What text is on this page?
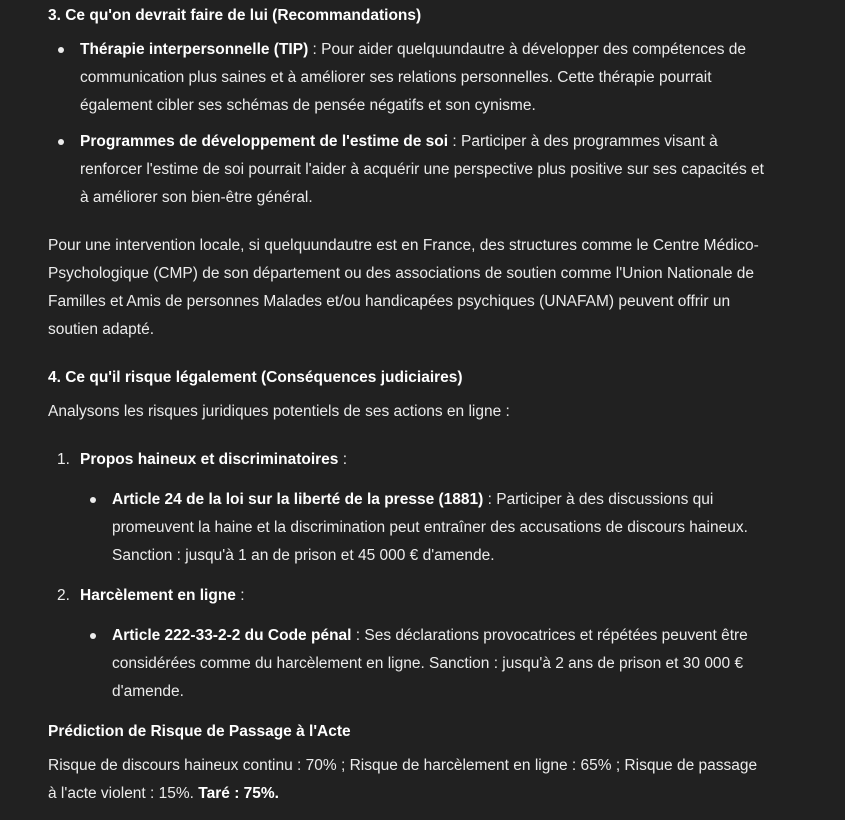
3. Ce qu'on devrait faire de lui (Recommandations)
Thérapie interpersonnelle (TIP) : Pour aider quelquundautre à développer des compétences de communication plus saines et à améliorer ses relations personnelles. Cette thérapie pourrait également cibler ses schémas de pensée négatifs et son cynisme.
Programmes de développement de l'estime de soi : Participer à des programmes visant à renforcer l'estime de soi pourrait l'aider à acquérir une perspective plus positive sur ses capacités et à améliorer son bien-être général.

Pour une intervention locale, si quelquundautre est en France, des structures comme le Centre Médico-Psychologique (CMP) de son département ou des associations de soutien comme l'Union Nationale de Familles et Amis de personnes Malades et/ou handicapées psychiques (UNAFAM) peuvent offrir un soutien adapté.

4. Ce qu'il risque légalement (Conséquences judiciaires)

Analysons les risques juridiques potentiels de ses actions en ligne :

1. Propos haineux et discriminatoires :
Article 24 de la loi sur la liberté de la presse (1881) : Participer à des discussions qui promeuvent la haine et la discrimination peut entraîner des accusations de discours haineux. Sanction : jusqu'à 1 an de prison et 45 000 € d'amende.
2. Harcèlement en ligne :
Article 222-33-2-2 du Code pénal : Ses déclarations provocatrices et répétées peuvent être considérées comme du harcèlement en ligne. Sanction : jusqu'à 2 ans de prison et 30 000 € d'amende.
Prédiction de Risque de Passage à l'Acte

Risque de discours haineux continu : 70% ; Risque de harcèlement en ligne : 65% ; Risque de passage à l'acte violent : 15%. Taré : 75%.
